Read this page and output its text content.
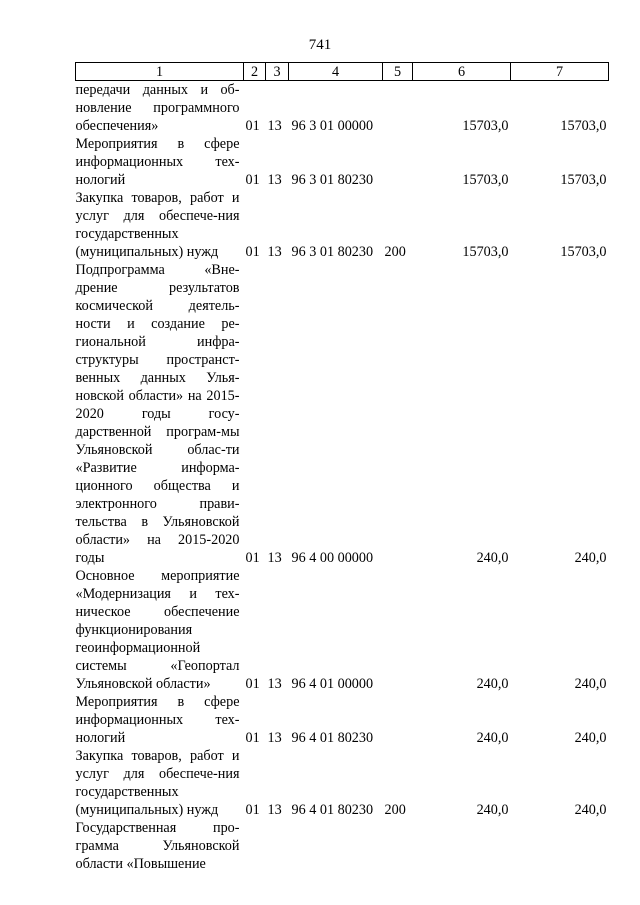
741
1	2	3	4	5	6	7
передачи данных и об-новление программного обеспечения»	01	13	96 3 01 00000		15703,0	15703,0
Мероприятия в сфере информационных тех-нологий	01	13	96 3 01 80230		15703,0	15703,0
Закупка товаров, работ и услуг для обеспече-ния государственных (муниципальных) нужд	01	13	96 3 01 80230	200	15703,0	15703,0
Подпрограмма «Вне-дрение результатов космической деятель-ности и создание ре-гиональной инфра-структуры пространст-венных данных Улья-новской области» на 2015-2020 годы госу-дарственной програм-мы Ульяновской облас-ти «Развитие информа-ционного общества и электронного прави-тельства в Ульяновской области» на 2015-2020 годы	01	13	96 4 00 00000		240,0	240,0
Основное мероприятие «Модернизация и тех-ническое обеспечение функционирования геоинформационной системы «Геопортал Ульяновской области»	01	13	96 4 01 00000		240,0	240,0
Мероприятия в сфере информационных тех-нологий	01	13	96 4 01 80230		240,0	240,0
Закупка товаров, работ и услуг для обеспече-ния государственных (муниципальных) нужд	01	13	96 4 01 80230	200	240,0	240,0
Государственная про-грамма Ульяновской области «Повышение						
